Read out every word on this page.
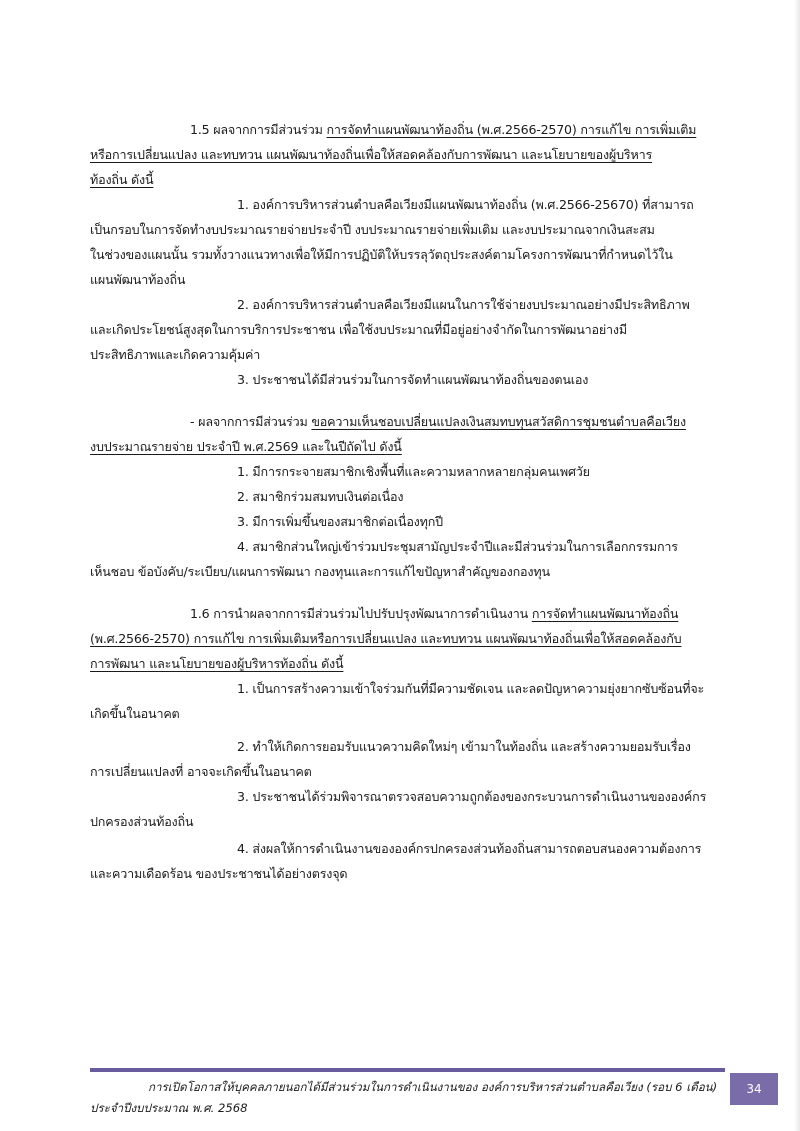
1.5 ผลจากการมีส่วนร่วม การจัดทำแผนพัฒนาท้องถิ่น (พ.ศ.2566-2570) การแก้ไข การเพิ่มเติม
หรือการเปลี่ยนแปลง และทบทวน แผนพัฒนาท้องถิ่นเพื่อให้สอดคล้องกับการพัฒนา และนโยบายของผู้บริหาร
ท้องถิ่น ดังนี้
1. องค์การบริหารส่วนตำบลคือเวียงมีแผนพัฒนาท้องถิ่น (พ.ศ.2566-25670) ที่สามารถ
เป็นกรอบในการจัดทำงบประมาณรายจ่ายประจำปี งบประมาณรายจ่ายเพิ่มเติม และงบประมาณจากเงินสะสม
ในช่วงของแผนนั้น รวมทั้งวางแนวทางเพื่อให้มีการปฏิบัติให้บรรลุวัตถุประสงค์ตามโครงการพัฒนาที่กำหนดไว้ใน
แผนพัฒนาท้องถิ่น
2. องค์การบริหารส่วนตำบลคือเวียงมีแผนในการใช้จ่ายงบประมาณอย่างมีประสิทธิภาพ
และเกิดประโยชน์สูงสุดในการบริการประชาชน เพื่อใช้งบประมาณที่มีอยู่อย่างจำกัดในการพัฒนาอย่างมี
ประสิทธิภาพและเกิดความคุ้มค่า
3. ประชาชนได้มีส่วนร่วมในการจัดทำแผนพัฒนาท้องถิ่นของตนเอง
- ผลจากการมีส่วนร่วม ขอความเห็นชอบเปลี่ยนแปลงเงินสมทบทุนสวัสดิการชุมชนตำบลคือเวียง
งบประมาณรายจ่าย ประจำปี พ.ศ.2569 และในปีถัดไป ดังนี้
1. มีการกระจายสมาชิกเชิงพื้นที่และความหลากหลายกลุ่มคนเพศวัย
2. สมาชิกร่วมสมทบเงินต่อเนื่อง
3. มีการเพิ่มขึ้นของสมาชิกต่อเนื่องทุกปี
4. สมาชิกส่วนใหญ่เข้าร่วมประชุมสามัญประจำปีและมีส่วนร่วมในการเลือกกรรมการ
เห็นชอบ ข้อบังคับ/ระเบียบ/แผนการพัฒนา กองทุนและการแก้ไขปัญหาสำคัญของกองทุน
1.6 การนำผลจากการมีส่วนร่วมไปปรับปรุงพัฒนาการดำเนินงาน การจัดทำแผนพัฒนาท้องถิ่น
(พ.ศ.2566-2570) การแก้ไข การเพิ่มเติมหรือการเปลี่ยนแปลง และทบทวน แผนพัฒนาท้องถิ่นเพื่อให้สอดคล้องกับ
การพัฒนา และนโยบายของผู้บริหารท้องถิ่น ดังนี้
1. เป็นการสร้างความเข้าใจร่วมกันที่มีความชัดเจน และลดปัญหาความยุ่งยากซับซ้อนที่จะ
เกิดขึ้นในอนาคต
2. ทำให้เกิดการยอมรับแนวความคิดใหม่ๆ เข้ามาในท้องถิ่น และสร้างความยอมรับเรื่อง
การเปลี่ยนแปลงที่ อาจจะเกิดขึ้นในอนาคต
3. ประชาชนได้ร่วมพิจารณาตรวจสอบความถูกต้องของกระบวนการดำเนินงานขององค์กร
ปกครองส่วนท้องถิ่น
4. ส่งผลให้การดำเนินงานขององค์กรปกครองส่วนท้องถิ่นสามารถตอบสนองความต้องการ
และความเดือดร้อน ของประชาชนได้อย่างตรงจุด
การเปิดโอกาสให้บุคคลภายนอกได้มีส่วนร่วมในการดำเนินงานของ องค์การบริหารส่วนตำบลคือเวียง (รอบ 6 เดือน)
ประจำปีงบประมาณ พ.ศ. 2568
34
